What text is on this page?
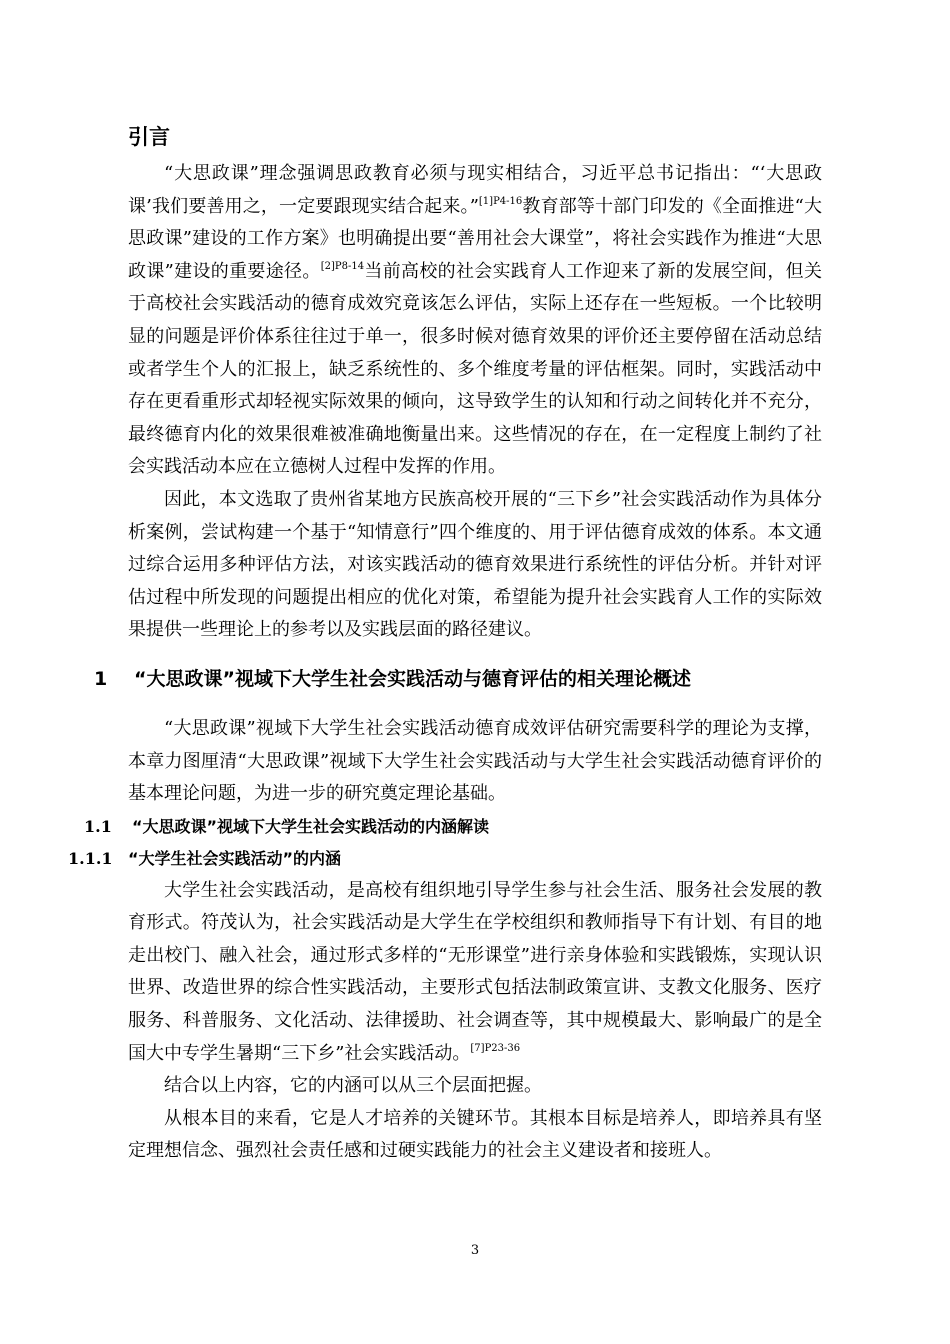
引言

“大思政课”理念强调思政教育必须与现实相结合，习近平总书记指出：“‘大思政课’我们要善用之，一定要跟现实结合起来。”$^{[1]P4-16}$教育部等十部门印发的《全面推进“大思政课”建设的工作方案》也明确提出要“善用社会大课堂”，将社会实践作为推进“大思政课”建设的重要途径。$^{[2]P8-14}$当前高校的社会实践育人工作迎来了新的发展空间，但关于高校社会实践活动的德育成效究竟该怎么评估，实际上还存在一些短板。一个比较明显的问题是评价体系往往过于单一，很多时候对德育效果的评价还主要停留在活动总结或者学生个人的汇报上，缺乏系统性的、多个维度考量的评估框架。同时，实践活动中存在更看重形式却轻视实际效果的倾向，这导致学生的认知和行动之间转化并不充分，最终德育内化的效果很难被准确地衡量出来。这些情况的存在，在一定程度上制约了社会实践活动本应在立德树人过程中发挥的作用。

因此，本文选取了贵州省某地方民族高校开展的“三下乡”社会实践活动作为具体分析案例，尝试构建一个基于“知情意行”四个维度的、用于评估德育成效的体系。本文通过综合运用多种评估方法，对该实践活动的德育效果进行系统性的评估分析。并针对评估过程中所发现的问题提出相应的优化对策，希望能为提升社会实践育人工作的实际效果提供一些理论上的参考以及实践层面的路径建议。

1	“大思政课”视域下大学生社会实践活动与德育评估的相关理论概述

“大思政课”视域下大学生社会实践活动德育成效评估研究需要科学的理论为支撑，本章力图厘清“大思政课”视域下大学生社会实践活动与大学生社会实践活动德育评价的基本理论问题，为进一步的研究奠定理论基础。

1.1	“大思政课”视域下大学生社会实践活动的内涵解读
1.1.1 “大学生社会实践活动”的内涵

大学生社会实践活动，是高校有组织地引导学生参与社会生活、服务社会发展的教育形式。符茂认为，社会实践活动是大学生在学校组织和教师指导下有计划、有目的地走出校门、融入社会，通过形式多样的“无形课堂”进行亲身体验和实践锻炼，实现认识世界、改造世界的综合性实践活动，主要形式包括法制政策宣讲、支教文化服务、医疗服务、科普服务、文化活动、法律援助、社会调查等，其中规模最大、影响最广的是全国大中专学生暑期“三下乡”社会实践活动。$^{[7]P23-36}$

结合以上内容，它的内涵可以从三个层面把握。

从根本目的来看，它是人才培养的关键环节。其根本目标是培养人，即培养具有坚定理想信念、强烈社会责任感和过硬实践能力的社会主义建设者和接班人。

3
